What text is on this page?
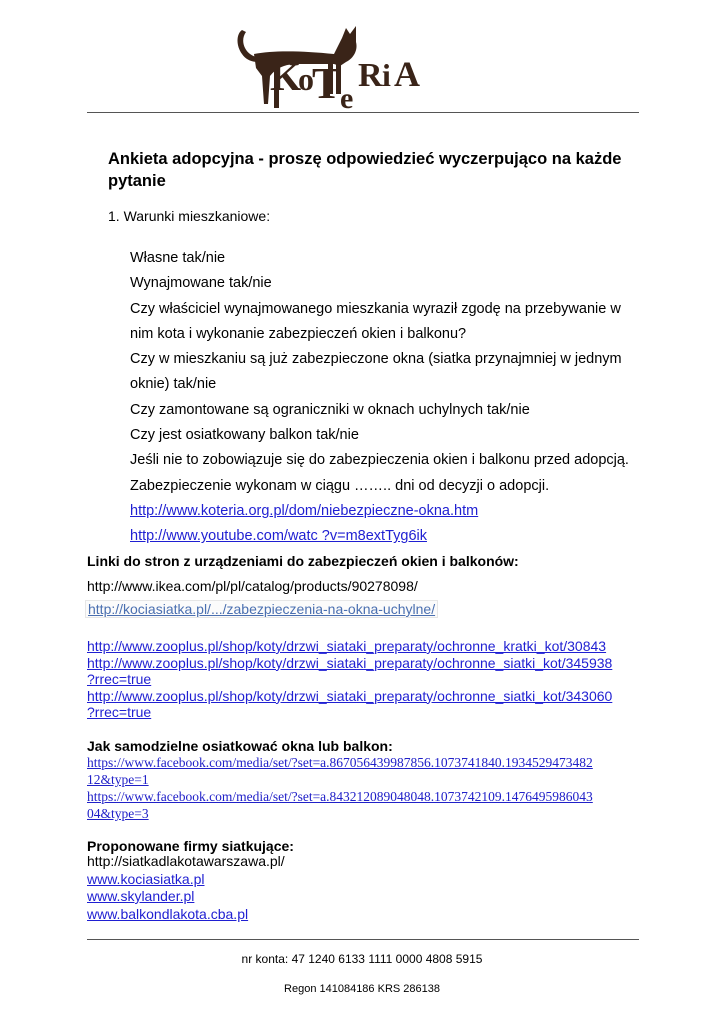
K
o
T
e
R i A
Ankieta adopcyjna - proszę odpowiedzieć wyczerpująco na każde pytanie
1. Warunki mieszkaniowe:
Własne tak/nie
Wynajmowane tak/nie
Czy właściciel wynajmowanego mieszkania wyraził zgodę na przebywanie w
nim kota i wykonanie zabezpieczeń okien i balkonu?
Czy w mieszkaniu są już zabezpieczone okna (siatka przynajmniej w jednym
oknie) tak/nie
Czy zamontowane są ograniczniki w oknach uchylnych tak/nie
Czy jest osiatkowany balkon tak/nie
Jeśli nie to zobowiązuje się do zabezpieczenia okien i balkonu przed adopcją.
Zabezpieczenie wykonam w ciągu …….. dni od decyzji o adopcji.
http://www.koteria.org.pl/dom/niebezpieczne-okna.htm
http://www.youtube.com/watc ?v=m8extTyg6ik
Linki do stron z urządzeniami do zabezpieczeń okien i balkonów:
http://www.ikea.com/pl/pl/catalog/products/90278098/
http://kociasiatka.pl/.../zabezpieczenia-na-okna-uchylne/
http://www.zooplus.pl/shop/koty/drzwi_siataki_preparaty/ochronne_kratki_kot/30843
http://www.zooplus.pl/shop/koty/drzwi_siataki_preparaty/ochronne_siatki_kot/345938
?rrec=true
http://www.zooplus.pl/shop/koty/drzwi_siataki_preparaty/ochronne_siatki_kot/343060
?rrec=true
Jak samodzielne osiatkować okna lub balkon:
https://www.facebook.com/media/set/?set=a.867056439987856.1073741840.1934529473482
12&type=1
https://www.facebook.com/media/set/?set=a.843212089048048.1073742109.1476495986043
04&type=3
Proponowane firmy siatkujące:
http://siatkadlakotawarszawa.pl/
www.kociasiatka.pl
www.skylander.pl
www.balkondlakota.cba.pl
nr konta: 47 1240 6133 1111 0000 4808 5915
Regon 141084186 KRS 286138
